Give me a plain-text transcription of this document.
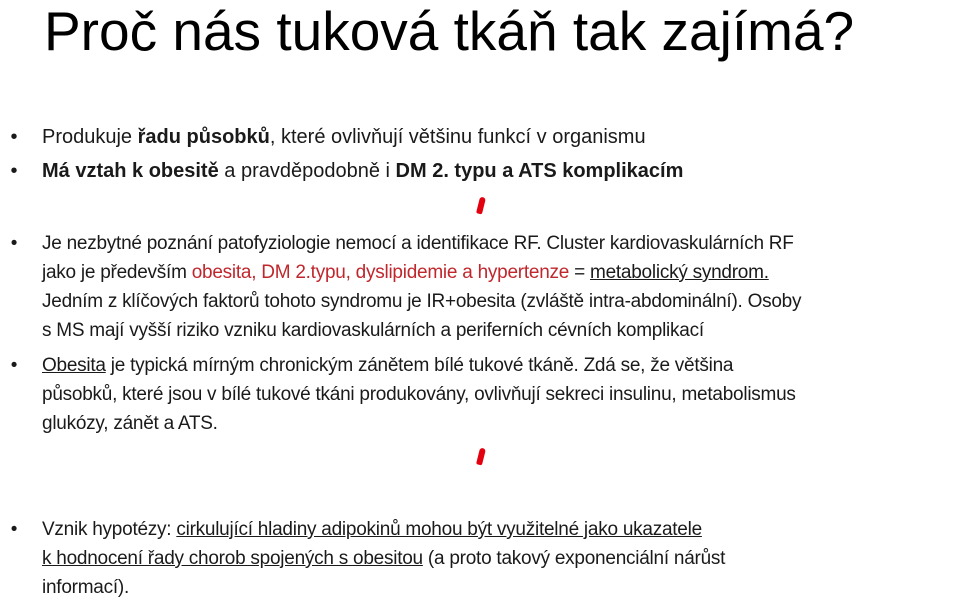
Proč nás tuková tkáň tak zajímá?
•	Produkuje řadu působků, které ovlivňují většinu funkcí v organismu
•	Má vztah k obesitě a pravděpodobně i DM 2. typu a ATS komplikacím
•	Je nezbytné poznání patofyziologie nemocí a identifikace RF. Cluster kardiovaskulárních RF
jako je především obesita, DM 2.typu, dyslipidemie a hypertenze = metabolický syndrom.
Jedním z klíčových faktorů tohoto syndromu je IR+obesita (zvláště intra-abdominální). Osoby
s MS mají vyšší riziko vzniku kardiovaskulárních a periferních cévních komplikací
•	Obesita je typická mírným chronickým zánětem bílé tukové tkáně. Zdá se, že většina
působků, které jsou v bílé tukové tkáni produkovány, ovlivňují sekreci insulinu, metabolismus
glukózy, zánět a ATS.
•	Vznik hypotézy: cirkulující hladiny adipokinů mohou být využitelné jako ukazatele
k hodnocení řady chorob spojených s obesitou (a proto takový exponenciální nárůst
informací).
